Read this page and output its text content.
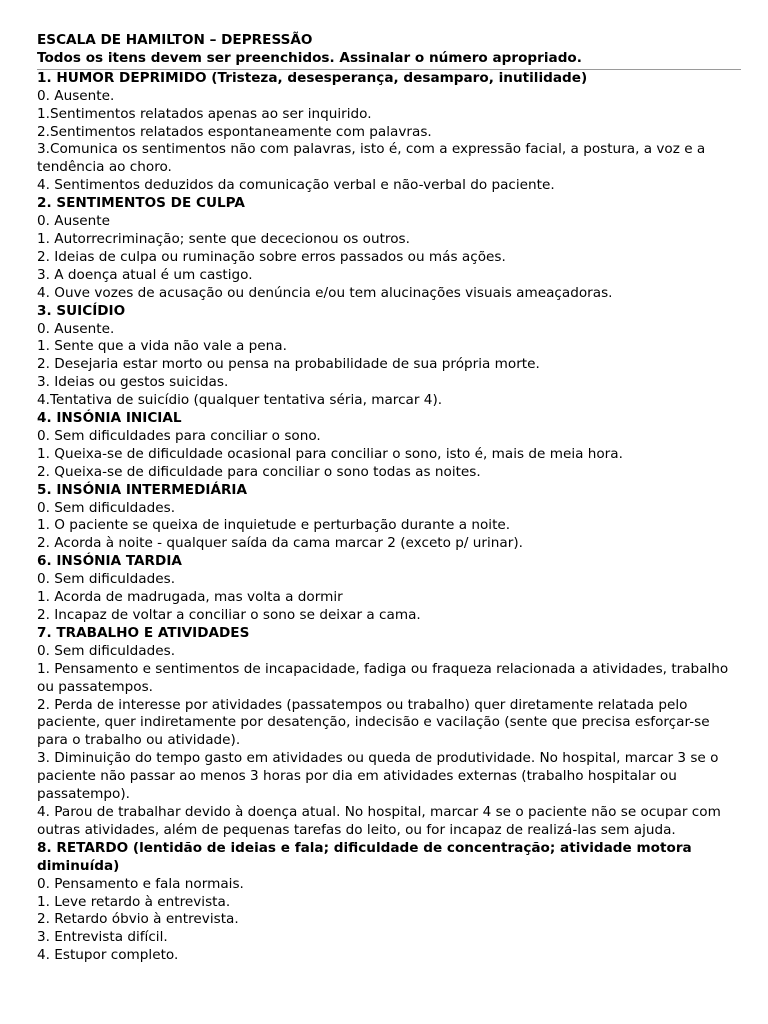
ESCALA DE HAMILTON – DEPRESSÃO
Todos os itens devem ser preenchidos. Assinalar o número apropriado.
1. HUMOR DEPRIMIDO (Tristeza, desesperança, desamparo, inutilidade)
0. Ausente.
1.Sentimentos relatados apenas ao ser inquirido.
2.Sentimentos relatados espontaneamente com palavras.
3.Comunica os sentimentos não com palavras, isto é, com a expressão facial, a postura, a voz e a tendência ao choro.
4. Sentimentos deduzidos da comunicação verbal e não-verbal do paciente.
2. SENTIMENTOS DE CULPA
0. Ausente
1. Autorrecriminação; sente que dececionou os outros.
2. Ideias de culpa ou ruminação sobre erros passados ou más ações.
3. A doença atual é um castigo.
4. Ouve vozes de acusação ou denúncia e/ou tem alucinações visuais ameaçadoras.
3. SUICÍDIO
0. Ausente.
1. Sente que a vida não vale a pena.
2. Desejaria estar morto ou pensa na probabilidade de sua própria morte.
3. Ideias ou gestos suicidas.
4.Tentativa de suicídio (qualquer tentativa séria, marcar 4).
4. INSÓNIA INICIAL
0. Sem dificuldades para conciliar o sono.
1. Queixa-se de dificuldade ocasional para conciliar o sono, isto é, mais de meia hora.
2. Queixa-se de dificuldade para conciliar o sono todas as noites.
5. INSÓNIA INTERMEDIÁRIA
0. Sem dificuldades.
1. O paciente se queixa de inquietude e perturbação durante a noite.
2. Acorda à noite - qualquer saída da cama marcar 2 (exceto p/ urinar).
6. INSÓNIA TARDIA
0. Sem dificuldades.
1. Acorda de madrugada, mas volta a dormir
2. Incapaz de voltar a conciliar o sono se deixar a cama.
7. TRABALHO E ATIVIDADES
0. Sem dificuldades.
1. Pensamento e sentimentos de incapacidade, fadiga ou fraqueza relacionada a atividades, trabalho ou passatempos.
2. Perda de interesse por atividades (passatempos ou trabalho) quer diretamente relatada pelo paciente, quer indiretamente por desatenção, indecisão e vacilação (sente que precisa esforçar-se para o trabalho ou atividade).
3. Diminuição do tempo gasto em atividades ou queda de produtividade. No hospital, marcar 3 se o paciente não passar ao menos 3 horas por dia em atividades externas (trabalho hospitalar ou passatempo).
4. Parou de trabalhar devido à doença atual. No hospital, marcar 4 se o paciente não se ocupar com outras atividades, além de pequenas tarefas do leito, ou for incapaz de realizá-las sem ajuda.
8. RETARDO (lentidão de ideias e fala; dificuldade de concentração; atividade motora diminuída)
0. Pensamento e fala normais.
1. Leve retardo à entrevista.
2. Retardo óbvio à entrevista.
3. Entrevista difícil.
4. Estupor completo.
